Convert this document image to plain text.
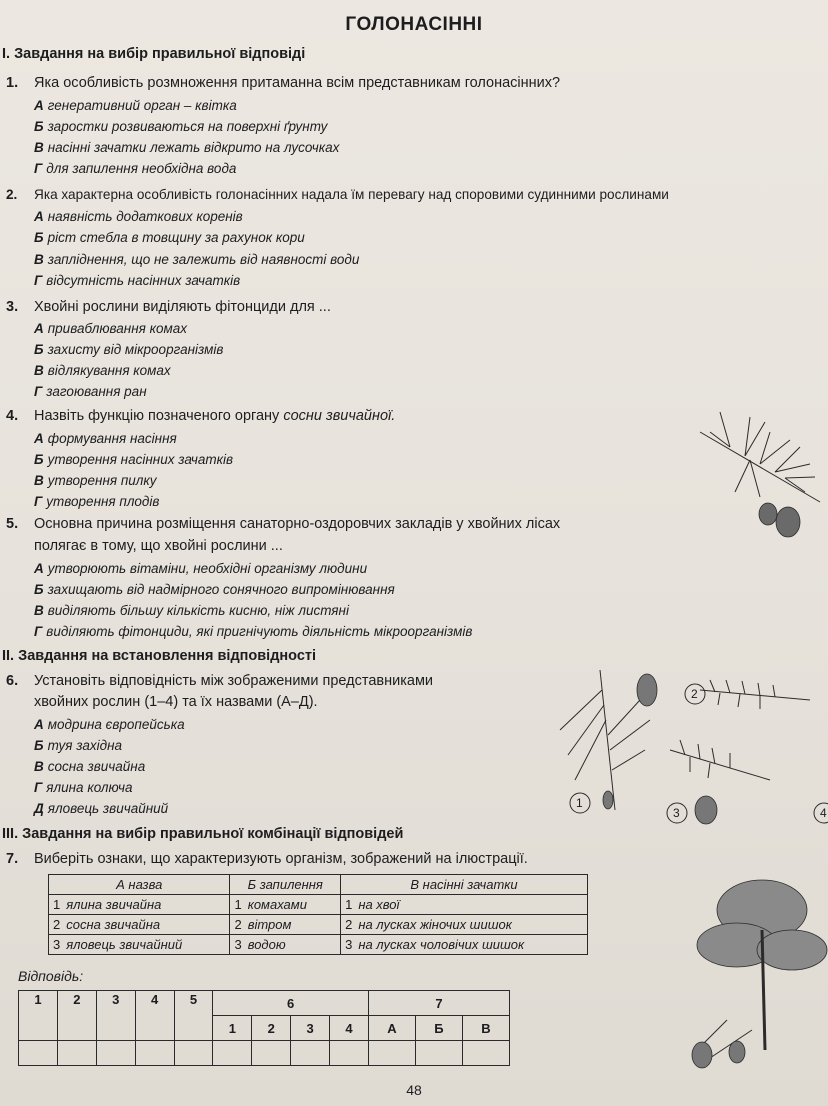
ГОЛОНАСІННІ
І. Завдання на вибір правильної відповіді
1. Яка особливість розмноження притаманна всім представникам голонасінних?
А генеративний орган – квітка
Б заростки розвиваються на поверхні ґрунту
В насінні зачатки лежать відкрито на лусочках
Г для запилення необхідна вода
2. Яка характерна особливість голонасінних надала їм перевагу над споровими судинними рослинами
А наявність додаткових коренів
Б ріст стебла в товщину за рахунок кори
В запліднення, що не залежить від наявності води
Г відсутність насінних зачатків
3. Хвойні рослини виділяють фітонциди для ...
А приваблювання комах
Б захисту від мікроорганізмів
В відлякування комах
Г загоювання ран
4. Назвіть функцію позначеного органу сосни звичайної.
А формування насіння
Б утворення насінних зачатків
В утворення пилку
Г утворення плодів
5. Основна причина розміщення санаторно-оздоровчих закладів у хвойних лісах
полягає в тому, що хвойні рослини ...
А утворюють вітаміни, необхідні організму людини
Б захищають від надмірного сонячного випромінювання
В виділяють більшу кількість кисню, ніж листяні
Г виділяють фітонциди, які пригнічують діяльність мікроорганізмів
ІІ. Завдання на встановлення відповідності
6. Установіть відповідність між зображеними представниками
хвойних рослин (1–4) та їх назвами (А–Д).
А модрина європейська
Б туя західна
В сосна звичайна
Г ялина колюча
Д яловець звичайний
ІІІ. Завдання на вибір правильної комбінації відповідей
7. Виберіть ознаки, що характеризують організм, зображений на ілюстрації.
А назва	Б запилення	В насінні зачатки
1 ялина звичайна	1 комахами	1 на хвої
2 сосна звичайна	2 вітром	2 на лусках жіночих шишок
3 яловець звичайний	3 водою	3 на лусках чоловічих шишок
Відповідь:
1	2	3	4	5	6				7		
					1	2	3	4	А	Б	В

48
1
2
3	4
